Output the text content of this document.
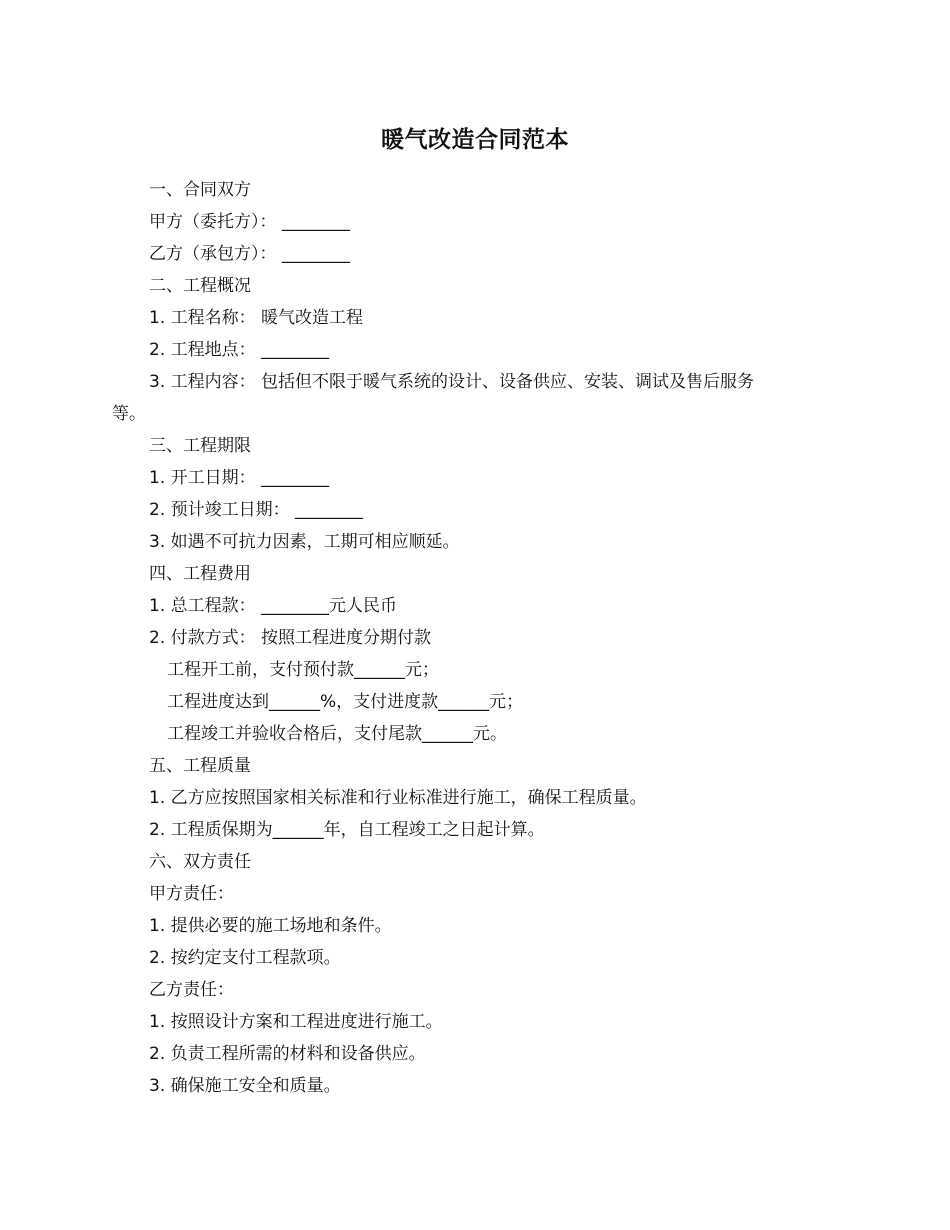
暖气改造合同范本
一、合同双方
甲方（委托方）： ________
乙方（承包方）： ________
二、工程概况
1. 工程名称： 暖气改造工程
2. 工程地点： ________
3. 工程内容： 包括但不限于暖气系统的设计、设备供应、安装、调试及售后服务
等。
三、工程期限
1. 开工日期： ________
2. 预计竣工日期： ________
3. 如遇不可抗力因素，工期可相应顺延。
四、工程费用
1. 总工程款： ________元人民币
2. 付款方式： 按照工程进度分期付款
工程开工前，支付预付款______元；
工程进度达到______%，支付进度款______元；
工程竣工并验收合格后，支付尾款______元。
五、工程质量
1. 乙方应按照国家相关标准和行业标准进行施工，确保工程质量。
2. 工程质保期为______年，自工程竣工之日起计算。
六、双方责任
甲方责任：
1. 提供必要的施工场地和条件。
2. 按约定支付工程款项。
乙方责任：
1. 按照设计方案和工程进度进行施工。
2. 负责工程所需的材料和设备供应。
3. 确保施工安全和质量。
